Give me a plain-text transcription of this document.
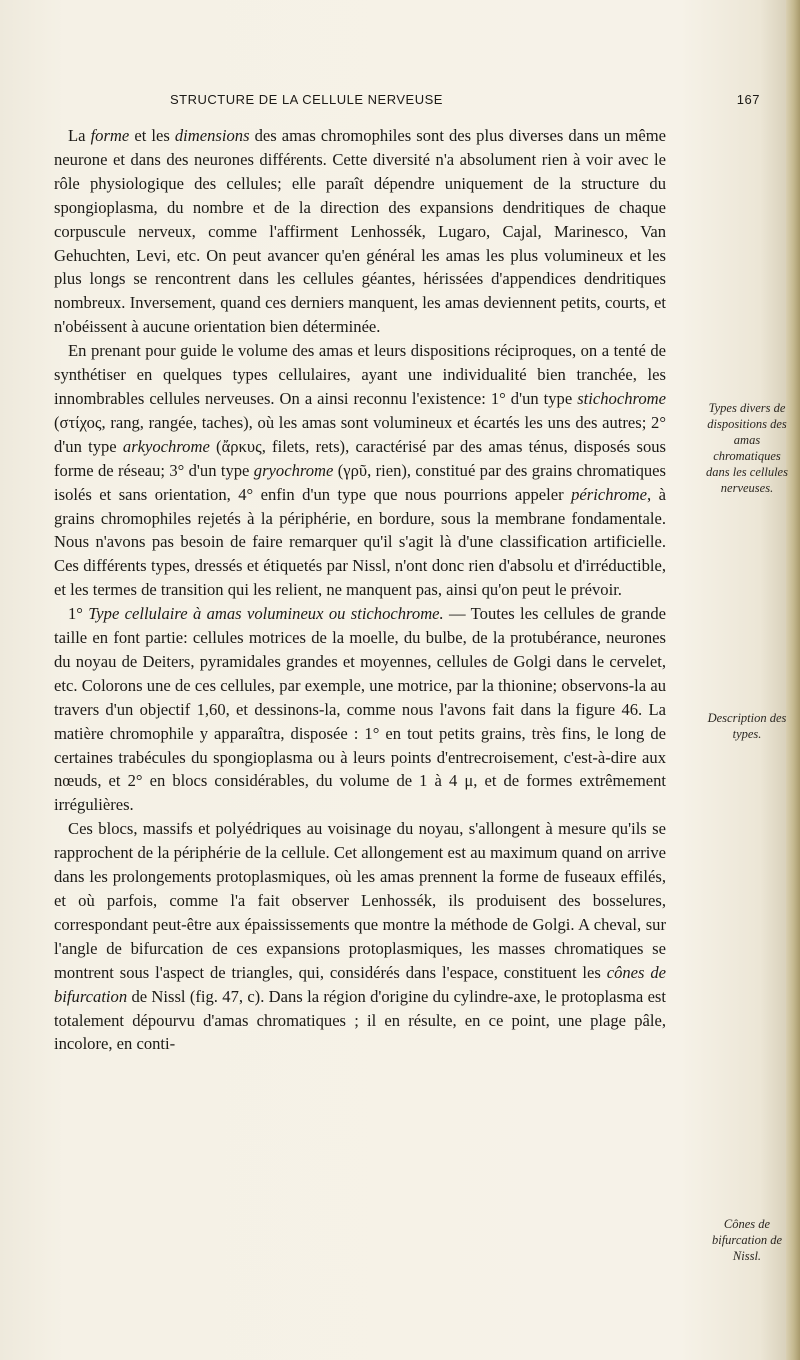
STRUCTURE DE LA CELLULE NERVEUSE	167

La forme et les dimensions des amas chromophiles sont des plus diverses dans un même neurone et dans des neurones différents. Cette diversité n'a absolument rien à voir avec le rôle physiologique des cellules; elle paraît dépendre uniquement de la structure du spongioplasma, du nombre et de la direction des expansions dendritiques de chaque corpuscule nerveux, comme l'affirment Lenhossék, Lugaro, Cajal, Marinesco, Van Gehuchten, Levi, etc. On peut avancer qu'en général les amas les plus volumineux et les plus longs se rencontrent dans les cellules géantes, hérissées d'appendices dendritiques nombreux. Inversement, quand ces derniers manquent, les amas deviennent petits, courts, et n'obéissent à aucune orientation bien déterminée.

En prenant pour guide le volume des amas et leurs dispositions réciproques, on a tenté de synthétiser en quelques types cellulaires, ayant une individualité bien tranchée, les innombrables cellules nerveuses. On a ainsi reconnu l'existence: 1° d'un type stichochrome (στίχος, rang, rangée, taches), où les amas sont volumineux et écartés les uns des autres; 2° d'un type arkyochrome (ἄρκυς, filets, rets), caractérisé par des amas ténus, disposés sous forme de réseau; 3° d'un type gryochrome (γρῦ, rien), constitué par des grains chromatiques isolés et sans orientation, 4° enfin d'un type que nous pourrions appeler périchrome, à grains chromophiles rejetés à la périphérie, en bordure, sous la membrane fondamentale. Nous n'avons pas besoin de faire remarquer qu'il s'agit là d'une classification artificielle. Ces différents types, dressés et étiquetés par Nissl, n'ont donc rien d'absolu et d'irréductible, et les termes de transition qui les relient, ne manquent pas, ainsi qu'on peut le prévoir.

1° Type cellulaire à amas volumineux ou stichochrome. — Toutes les cellules de grande taille en font partie: cellules motrices de la moelle, du bulbe, de la protubérance, neurones du noyau de Deiters, pyramidales grandes et moyennes, cellules de Golgi dans le cervelet, etc. Colorons une de ces cellules, par exemple, une motrice, par la thionine; observons-la au travers d'un objectif 1,60, et dessinons-la, comme nous l'avons fait dans la figure 46. La matière chromophile y apparaîtra, disposée : 1° en tout petits grains, très fins, le long de certaines trabécules du spongioplasma ou à leurs points d'entrecroisement, c'est-à-dire aux nœuds, et 2° en blocs considérables, du volume de 1 à 4 μ, et de formes extrêmement irrégulières.

Ces blocs, massifs et polyédriques au voisinage du noyau, s'allongent à mesure qu'ils se rapprochent de la périphérie de la cellule. Cet allongement est au maximum quand on arrive dans les prolongements protoplasmiques, où les amas prennent la forme de fuseaux effilés, et où parfois, comme l'a fait observer Lenhossék, ils produisent des bosselures, correspondant peut-être aux épaississements que montre la méthode de Golgi. A cheval, sur l'angle de bifurcation de ces expansions protoplasmiques, les masses chromatiques se montrent sous l'aspect de triangles, qui, considérés dans l'espace, constituent les cônes de bifurcation de Nissl (fig. 47, c). Dans la région d'origine du cylindre-axe, le protoplasma est totalement dépourvu d'amas chromatiques ; il en résulte, en ce point, une plage pâle, incolore, en conti-

Types divers de dispositions des amas chromatiques dans les cellules nerveuses.
Description des types.
Cônes de bifurcation de Nissl.
